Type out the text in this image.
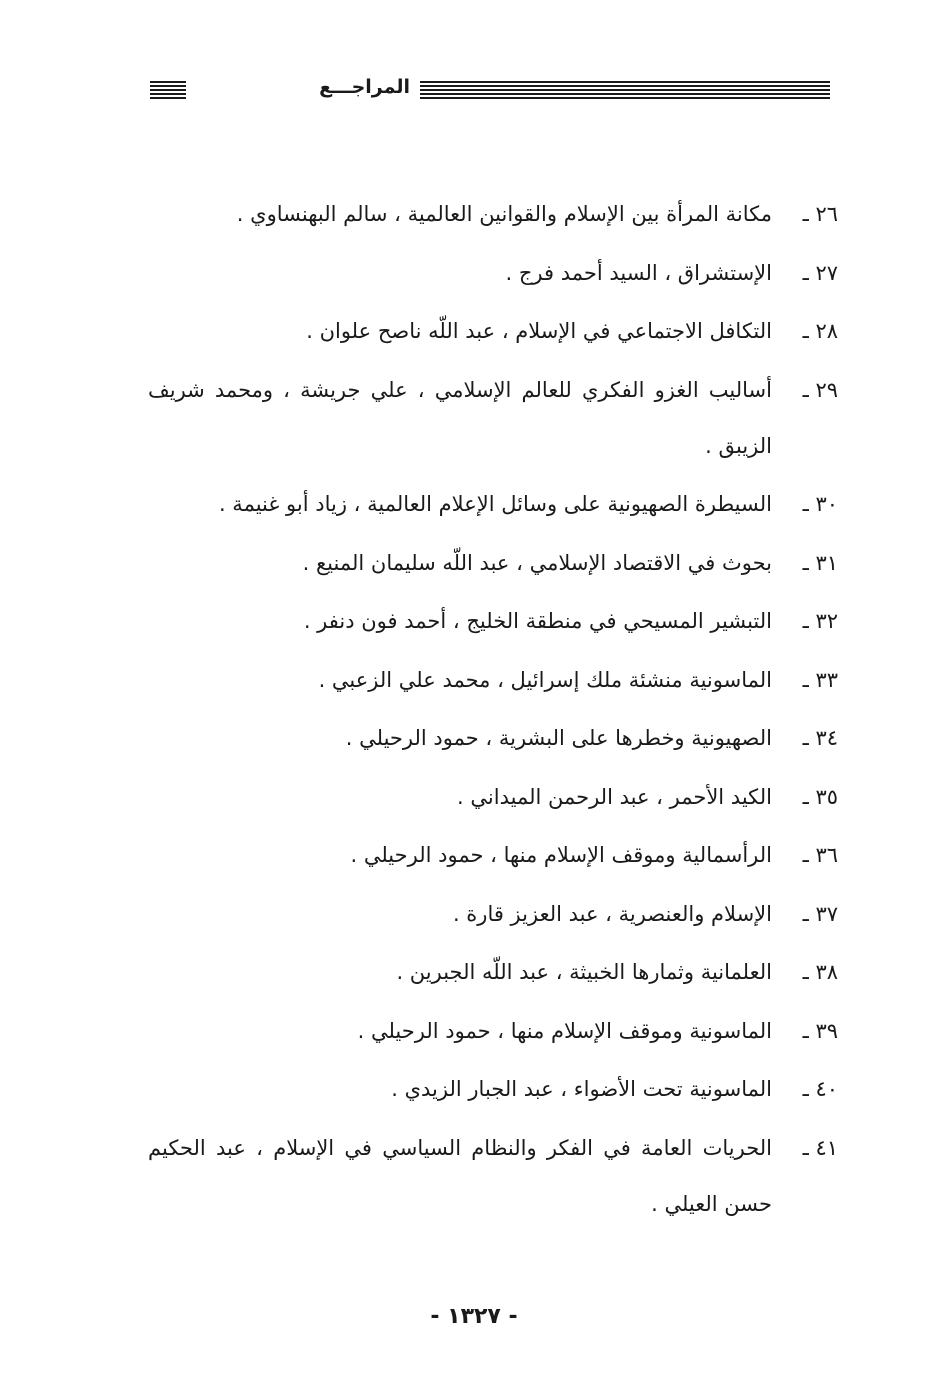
المراجـــع
٢٦ ـ
مكانة المرأة بين الإسلام والقوانين العالمية ، سالم البهنساوي .
٢٧ ـ
الإستشراق ، السيد أحمد فرج .
٢٨ ـ
التكافل الاجتماعي في الإسلام ، عبد اللّه ناصح علوان .
٢٩ ـ
أساليب الغزو الفكري للعالم الإسلامي ، علي جريشة ، ومحمد شريف الزيبق .
٣٠ ـ
السيطرة الصهيونية على وسائل الإعلام العالمية ، زياد أبو غنيمة .
٣١ ـ
بحوث في الاقتصاد الإسلامي ، عبد اللّه سليمان المنيع .
٣٢ ـ
التبشير المسيحي في منطقة الخليج ، أحمد فون دنفر .
٣٣ ـ
الماسونية منشئة ملك إسرائيل ، محمد علي الزعبي .
٣٤ ـ
الصهيونية وخطرها على البشرية ، حمود الرحيلي .
٣٥ ـ
الكيد الأحمر ، عبد الرحمن الميداني .
٣٦ ـ
الرأسمالية وموقف الإسلام منها ، حمود الرحيلي .
٣٧ ـ
الإسلام والعنصرية ، عبد العزيز قارة .
٣٨ ـ
العلمانية وثمارها الخبيثة ، عبد اللّه الجبرين .
٣٩ ـ
الماسونية وموقف الإسلام منها ، حمود الرحيلي .
٤٠ ـ
الماسونية تحت الأضواء ، عبد الجبار الزيدي .
٤١ ـ
الحريات العامة في الفكر والنظام السياسي في الإسلام ، عبد الحكيم حسن العيلي .
- ١٣٢٧ -
